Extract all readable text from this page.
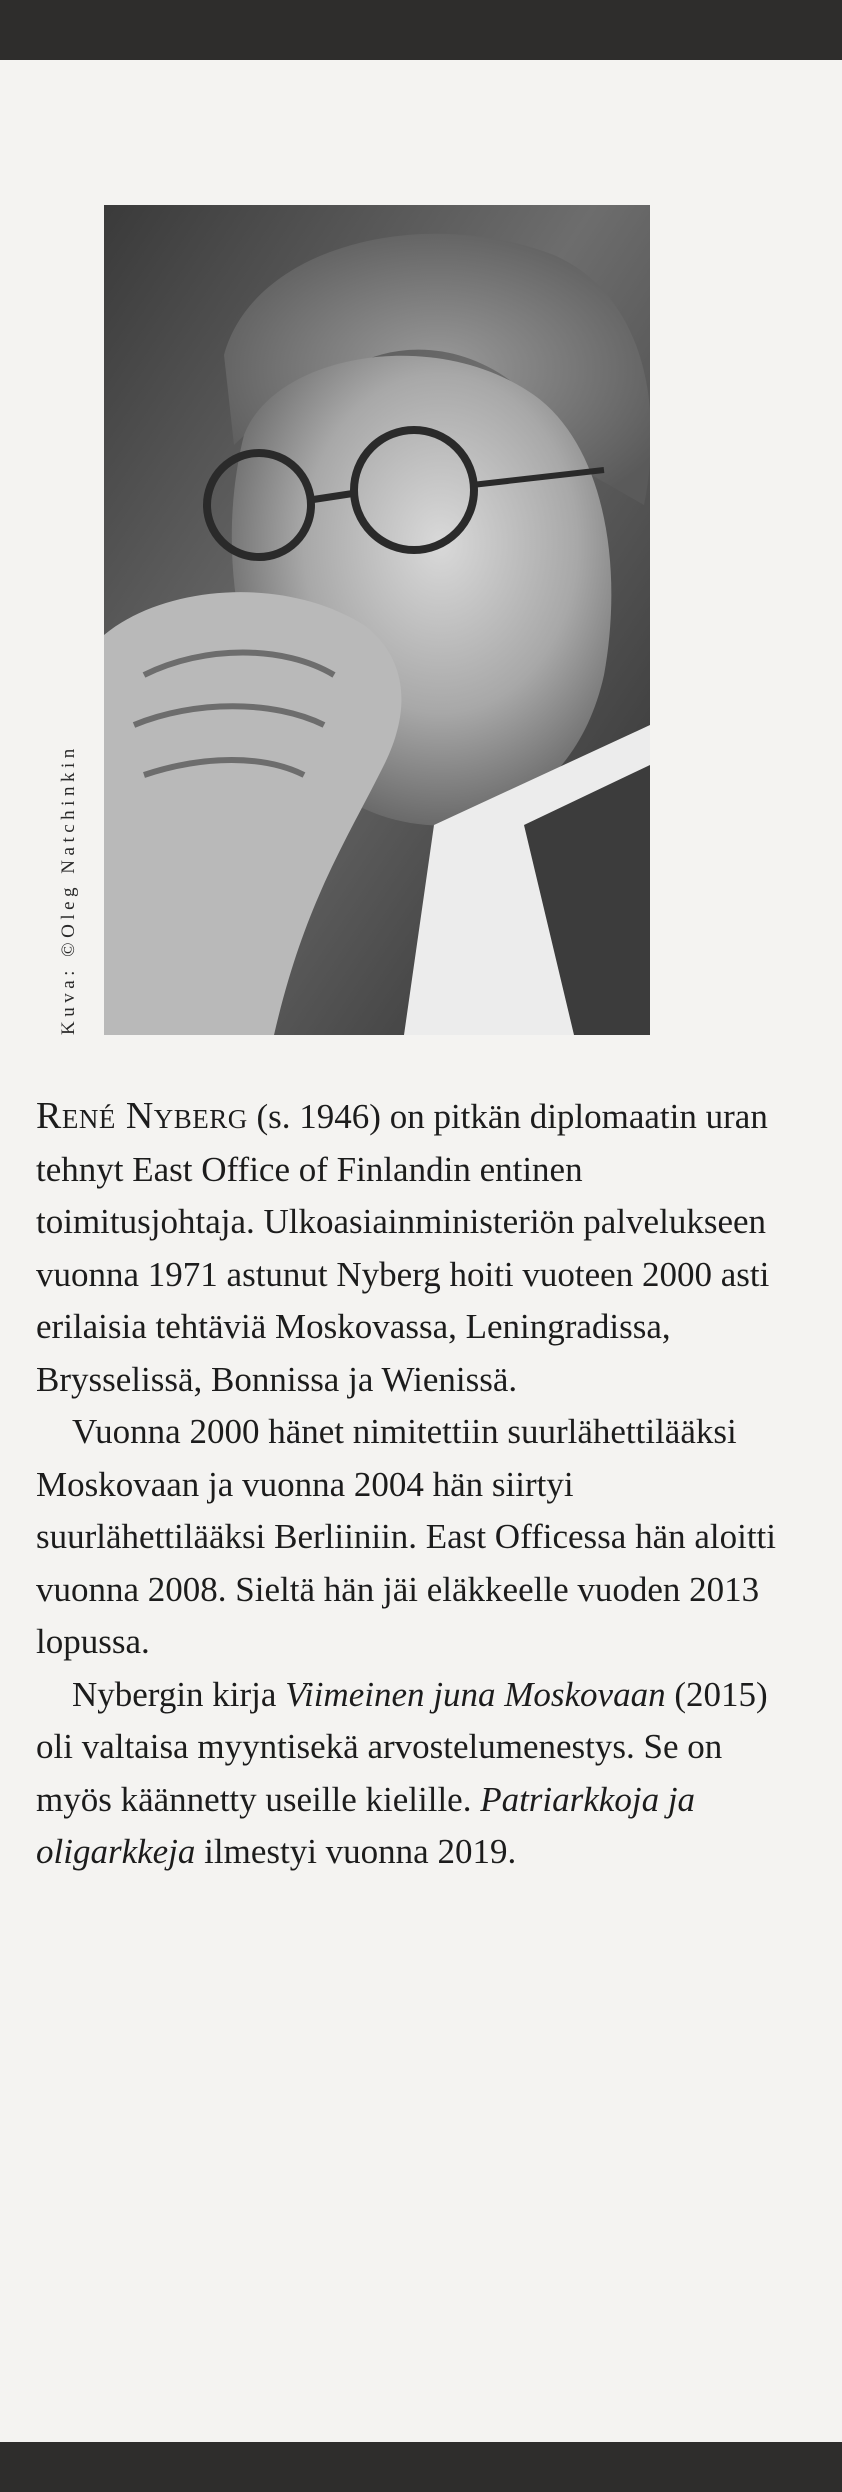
Kuva: ©Oleg Natchinkin

René Nyberg (s. 1946) on pitkän diplomaatin uran tehnyt East Office of Finlandin entinen toimitusjohtaja. Ulkoasiainministeriön palvelukseen vuonna 1971 astunut Nyberg hoiti vuoteen 2000 asti erilaisia tehtäviä Moskovassa, Leningradissa, Brysselissä, Bonnissa ja Wienissä.

Vuonna 2000 hänet nimitettiin suurlähettilääksi Moskovaan ja vuonna 2004 hän siirtyi suurlähettilääksi Berliiniin. East Officessa hän aloitti vuonna 2008. Sieltä hän jäi eläkkeelle vuoden 2013 lopussa.

Nybergin kirja Viimeinen juna Moskovaan (2015) oli valtaisa myyntisekä arvostelumenestys. Se on myös käännetty useille kielille. Patriarkkoja ja oligarkkeja ilmestyi vuonna 2019.
